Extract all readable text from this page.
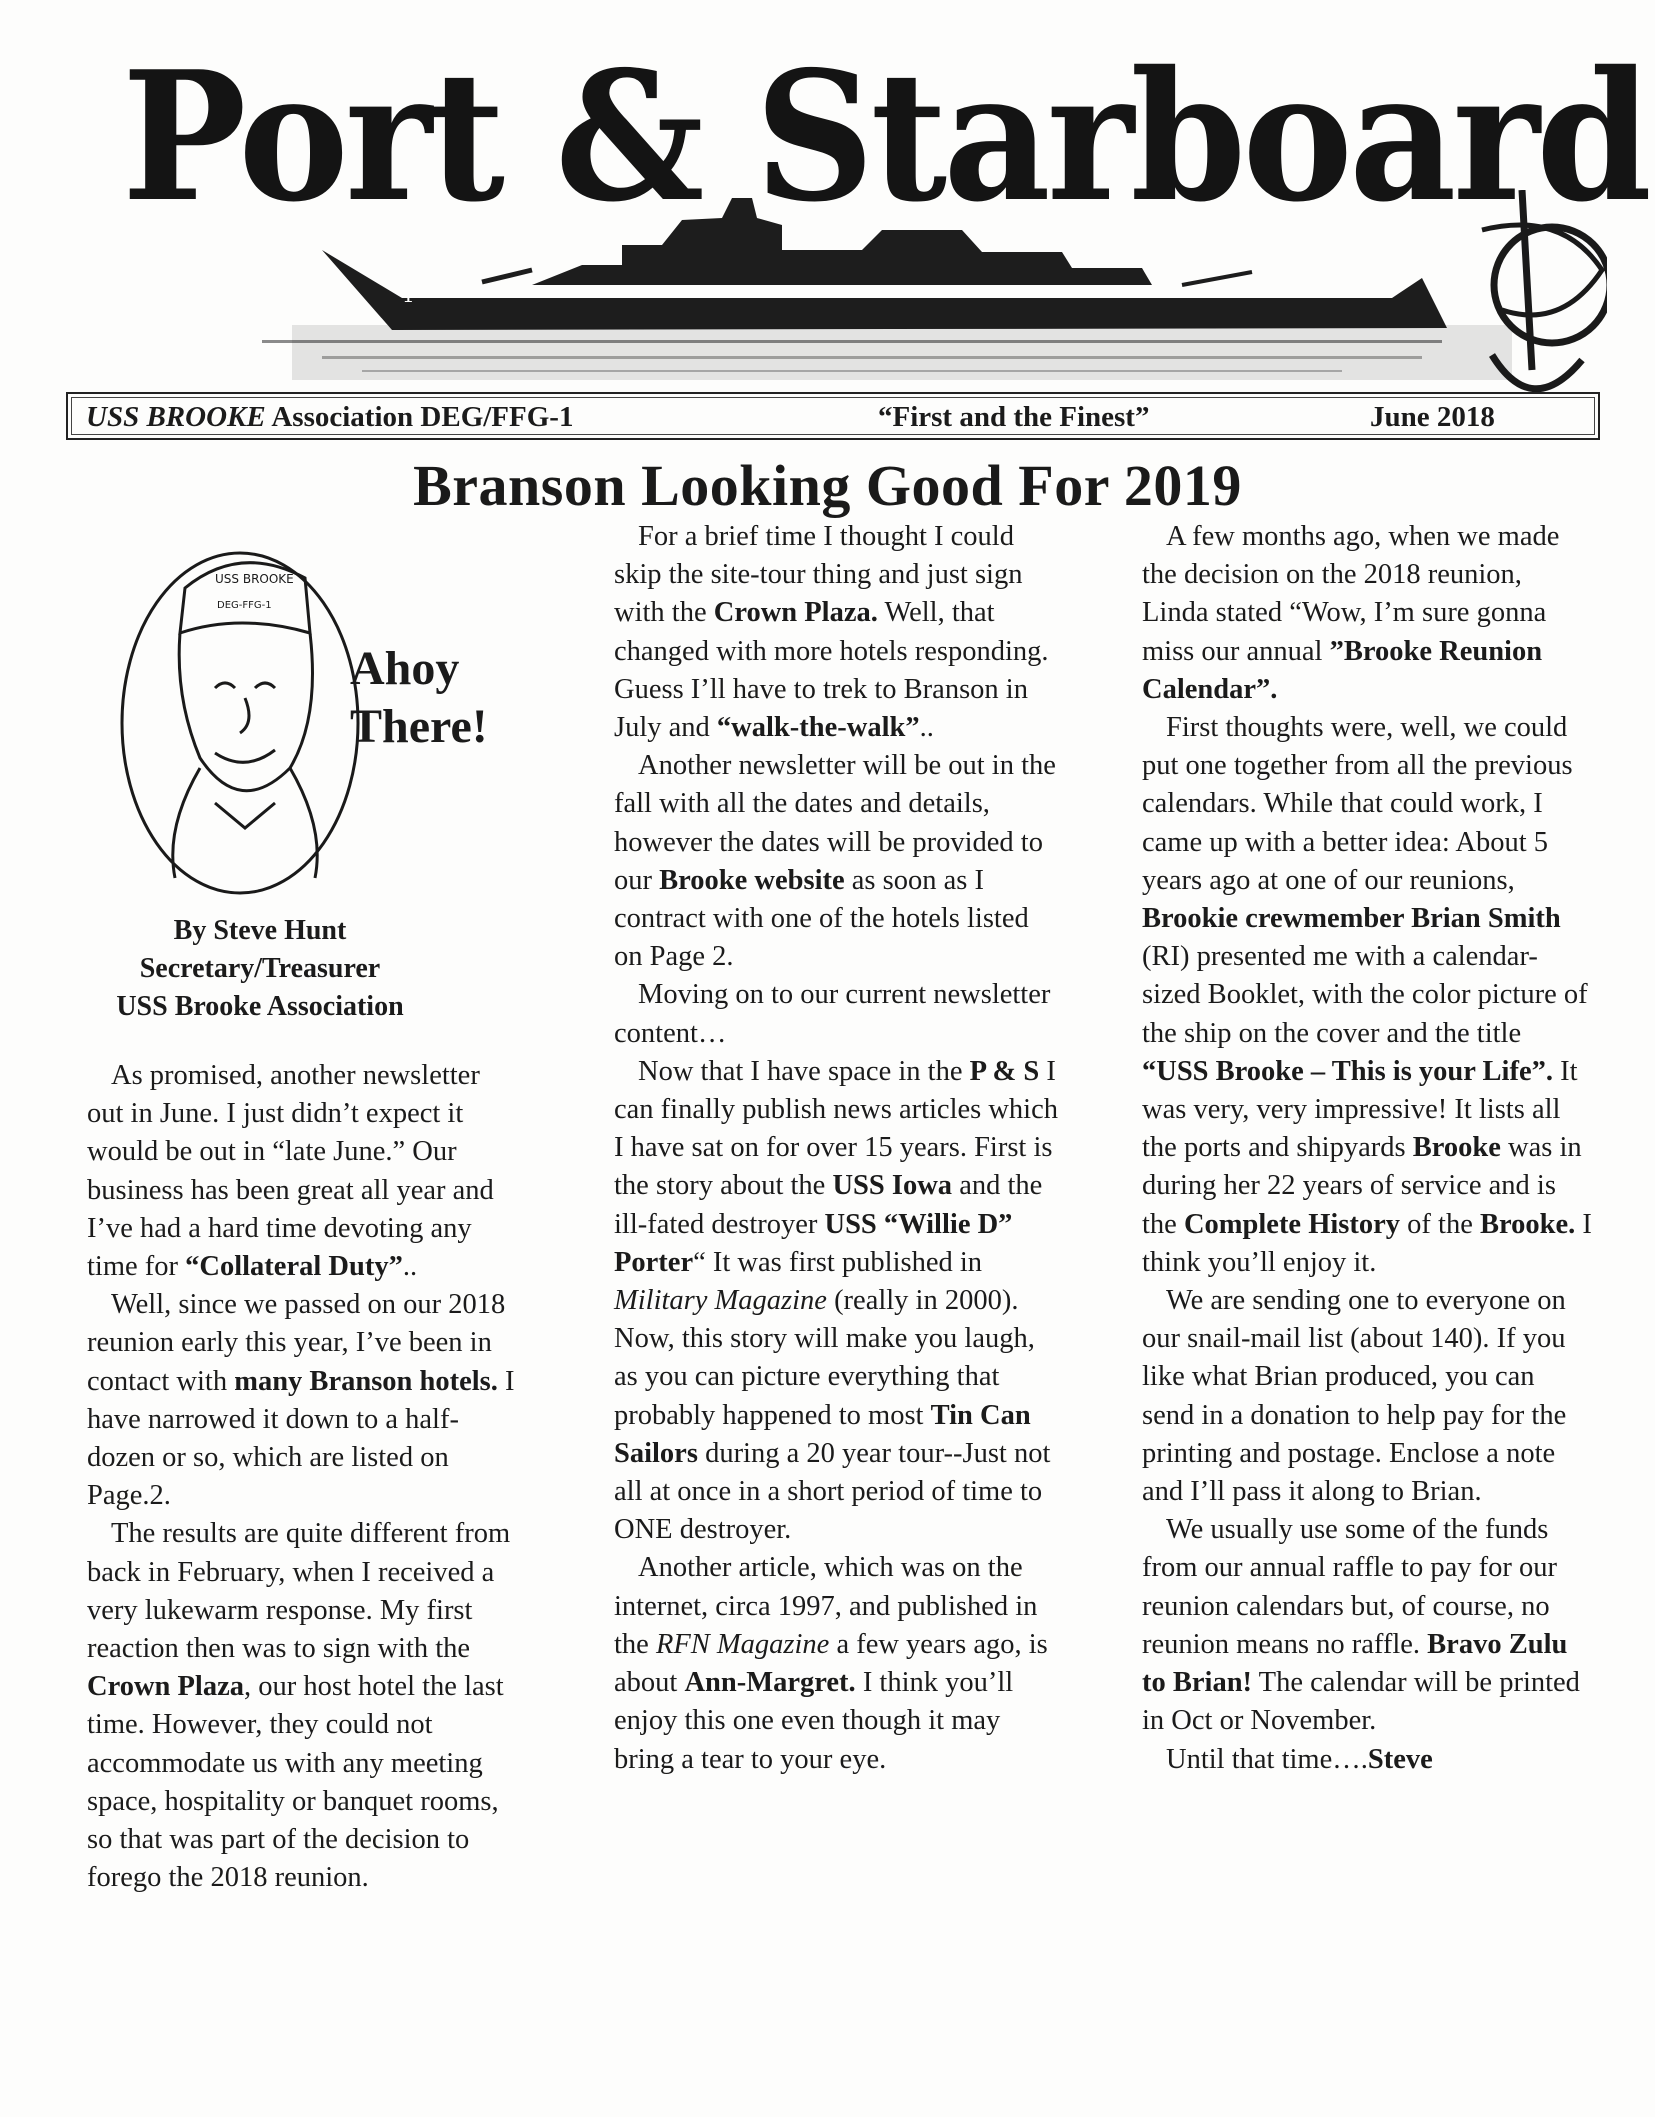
1
Port & Starboard
USS BROOKE Association DEG/FFG-1	“First and the Finest”	June 2018
Branson Looking Good For 2019
USS BROOKE
DEG-FFG-1
Ahoy
There!
By Steve Hunt
Secretary/Treasurer
USS Brooke Association

As promised, another newsletter out in June. I just didn’t expect it would be out in “late June.” Our business has been great all year and I’ve had a hard time devoting any time for “Collateral Duty”..

Well, since we passed on our 2018 reunion early this year, I’ve been in contact with many Branson hotels. I have narrowed it down to a half-dozen or so, which are listed on Page.2.

The results are quite different from back in February, when I received a very lukewarm response. My first reaction then was to sign with the Crown Plaza, our host hotel the last time. However, they could not accommodate us with any meeting space, hospitality or banquet rooms, so that was part of the decision to forego the 2018 reunion.

For a brief time I thought I could skip the site-tour thing and just sign with the Crown Plaza. Well, that changed with more hotels responding. Guess I’ll have to trek to Branson in July and “walk-the-walk”..

Another newsletter will be out in the fall with all the dates and details, however the dates will be provided to our Brooke website as soon as I contract with one of the hotels listed on Page 2.

Moving on to our current newsletter content…

Now that I have space in the P & S I can finally publish news articles which I have sat on for over 15 years. First is the story about the USS Iowa and the ill-fated destroyer USS “Willie D” Porter“ It was first published in Military Magazine (really in 2000). Now, this story will make you laugh, as you can picture everything that probably happened to most Tin Can Sailors during a 20 year tour--Just not all at once in a short period of time to ONE destroyer.

Another article, which was on the internet, circa 1997, and published in the RFN Magazine a few years ago, is about Ann-Margret. I think you’ll enjoy this one even though it may bring a tear to your eye.

A few months ago, when we made the decision on the 2018 reunion, Linda stated “Wow, I’m sure gonna miss our annual ”Brooke Reunion Calendar”.

First thoughts were, well, we could put one together from all the previous calendars. While that could work, I came up with a better idea: About 5 years ago at one of our reunions, Brookie crewmember Brian Smith (RI) presented me with a calendar-sized Booklet, with the color picture of the ship on the cover and the title “USS Brooke – This is your Life”. It was very, very impressive! It lists all the ports and shipyards Brooke was in during her 22 years of service and is the Complete History of the Brooke. I think you’ll enjoy it.

We are sending one to everyone on our snail-mail list (about 140). If you like what Brian produced, you can send in a donation to help pay for the printing and postage. Enclose a note and I’ll pass it along to Brian.

We usually use some of the funds from our annual raffle to pay for our reunion calendars but, of course, no reunion means no raffle. Bravo Zulu to Brian! The calendar will be printed in Oct or November.

Until that time….Steve
